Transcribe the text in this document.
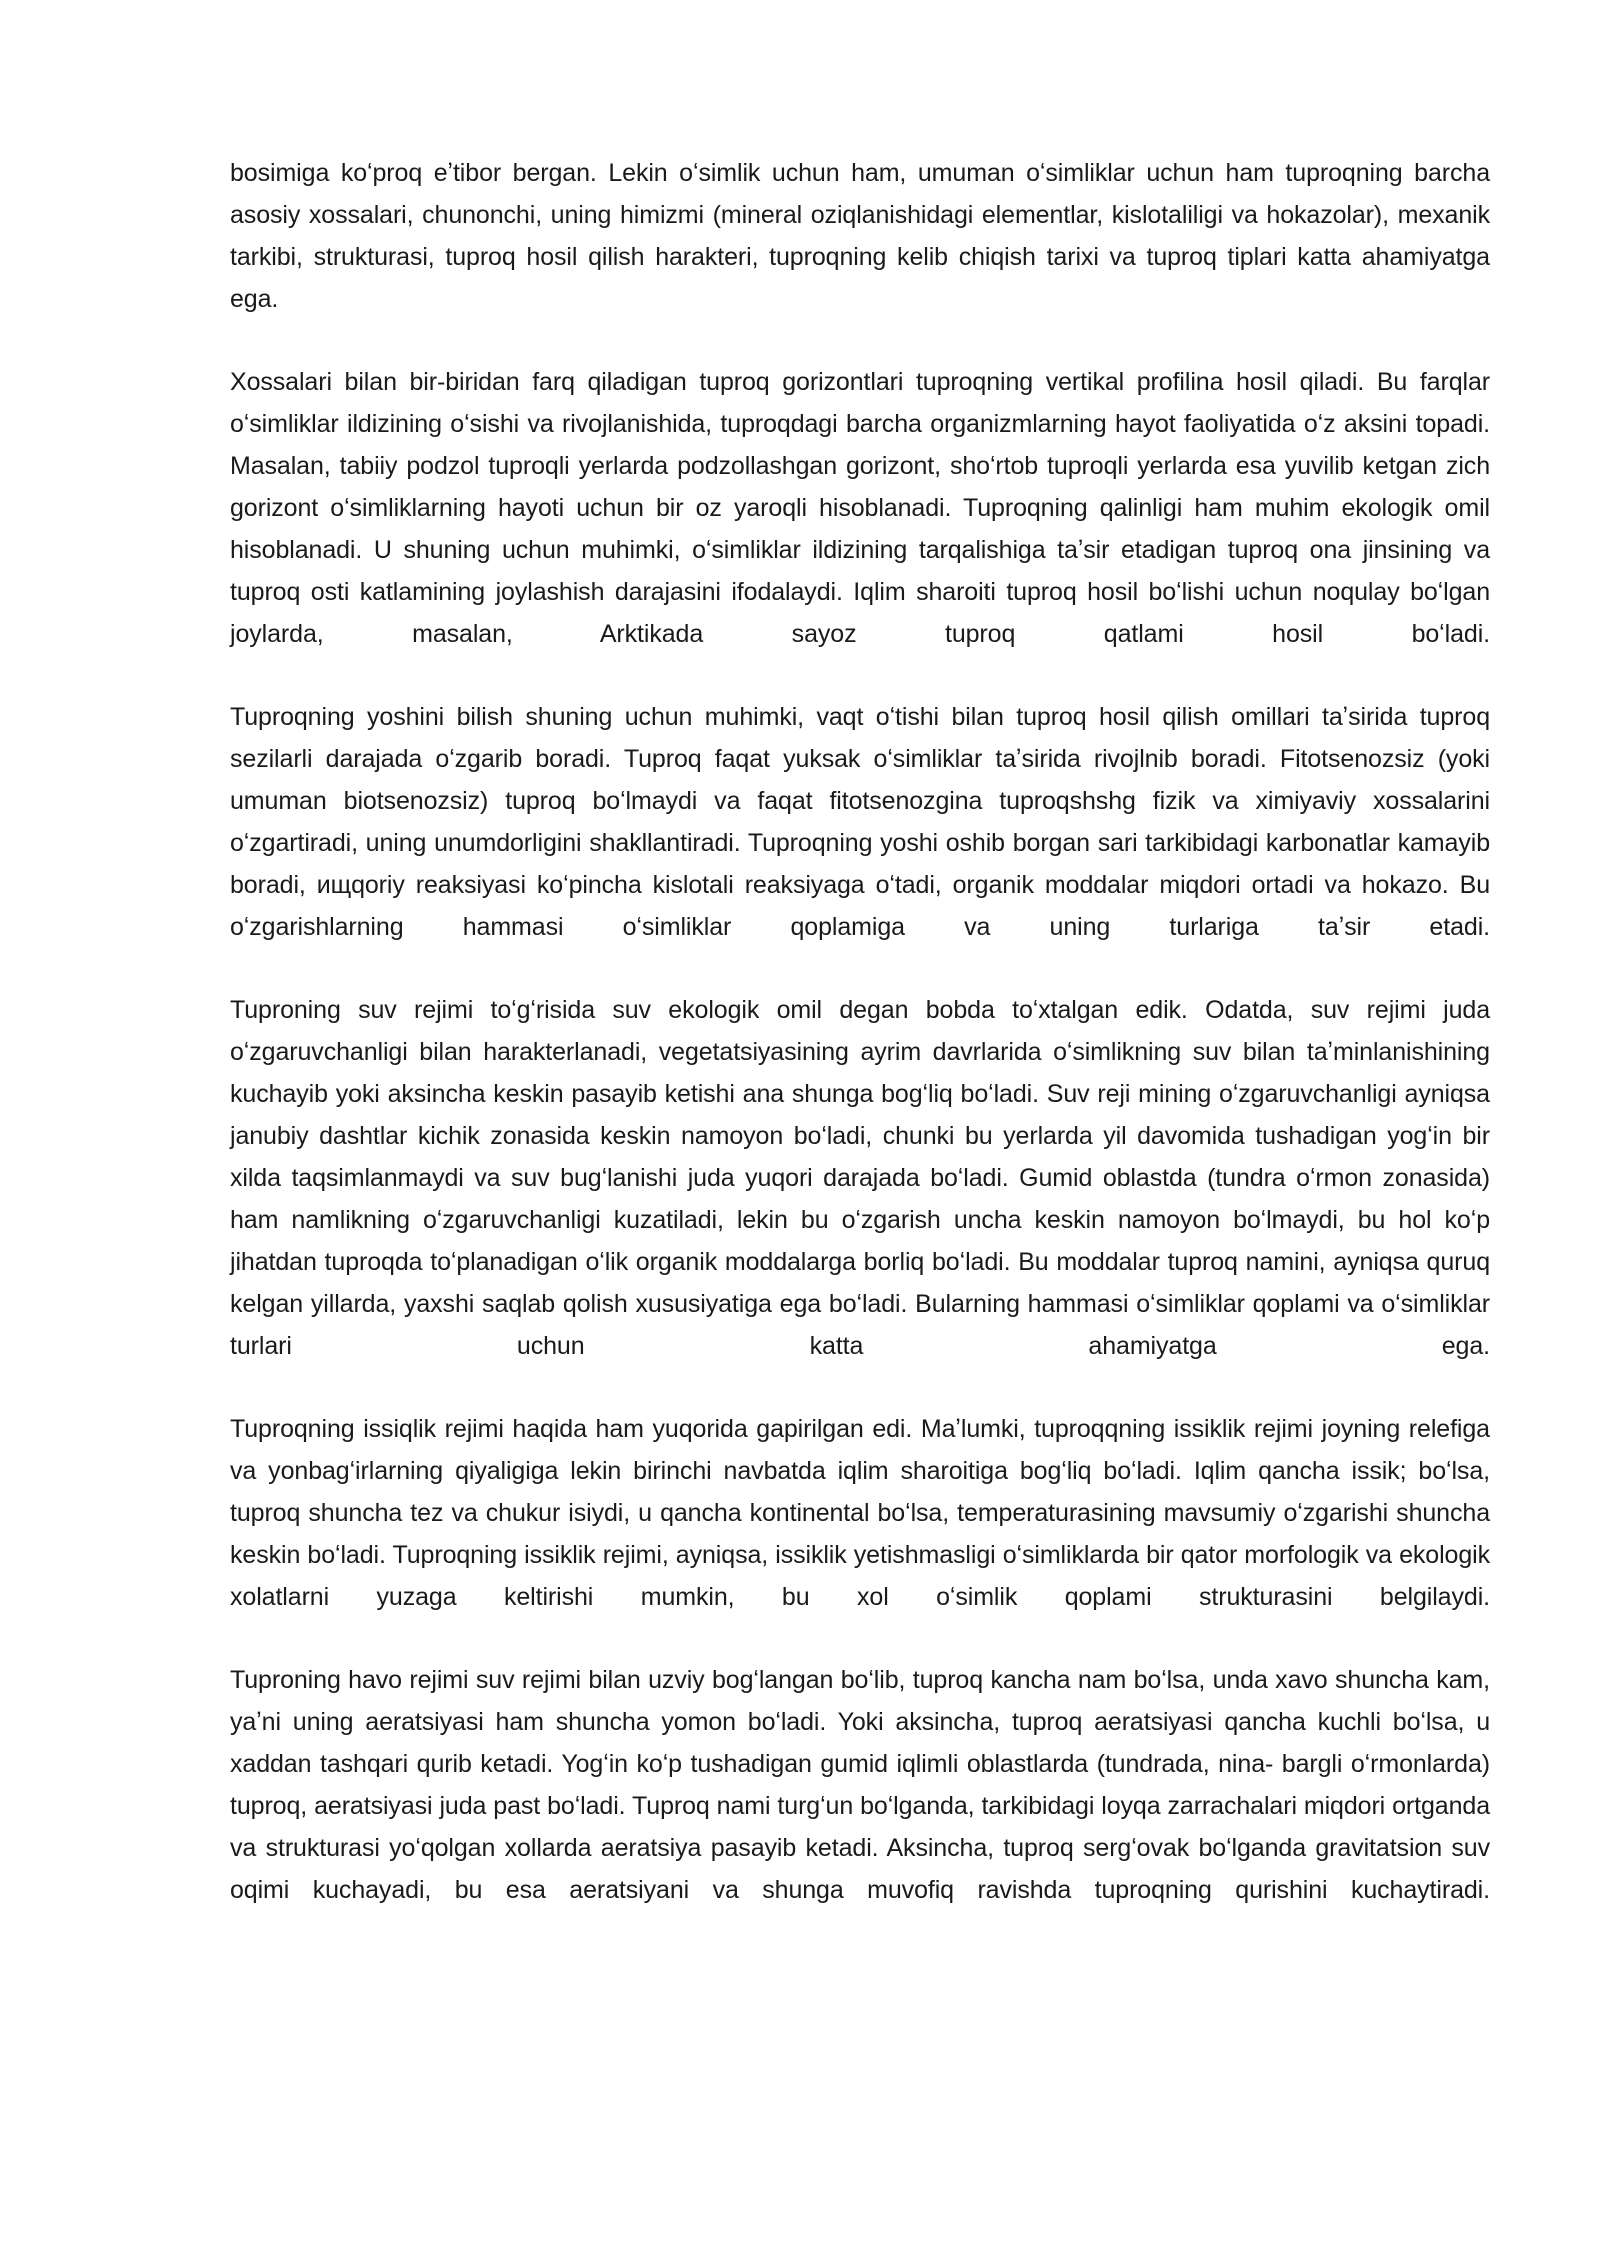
bosimiga koʻproq eʼtibor bergan. Lekin oʻsimlik uchun ham, umuman oʻsimliklar uchun ham tuproqning barcha asosiy xossalari, chunonchi, uning himizmi (mineral oziqlanishidagi elementlar, kislotaliligi va hokazolar), mexanik tarkibi, strukturasi, tuproq hosil qilish harakteri, tuproqning kelib chiqish tarixi va tuproq tiplari katta ahamiyatga ega.

Xossalari bilan bir-biridan farq qiladigan tuproq gorizontlari tuproqning vertikal profilina hosil qiladi. Bu farqlar oʻsimliklar ildizining oʻsishi va rivojlanishida, tuproqdagi barcha organizmlarning hayot faoliyatida oʻz aksini topadi. Masalan, tabiiy podzol tuproqli yerlarda podzollashgan gorizont, shoʻrtob tuproqli yerlarda esa yuvilib ketgan zich gorizont oʻsimliklarning hayoti uchun bir oz yaroqli hisoblanadi. Tuproqning qalinligi ham muhim ekologik omil hisoblanadi. U shuning uchun muhimki, oʻsimliklar ildizining tarqalishiga taʼsir etadigan tuproq ona jinsining va tuproq osti katlamining joylashish darajasini ifodalaydi. Iqlim sharoiti tuproq hosil boʻlishi uchun noqulay boʻlgan joylarda, masalan, Arktikada sayoz tuproq qatlami hosil boʻladi.

Tuproqning yoshini bilish shuning uchun muhimki, vaqt oʻtishi bilan tuproq hosil qilish omillari taʼsirida tuproq sezilarli darajada oʻzgarib boradi. Tuproq faqat yuksak oʻsimliklar taʼsirida rivojlnib boradi. Fitotsenozsiz (yoki umuman biotsenozsiz) tuproq boʻlmaydi va faqat fitotsenozgina tuproqshshg fizik va ximiyaviy xossalarini oʻzgartiradi, uning unumdorligini shakllantiradi. Tuproqning yoshi oshib borgan sari tarkibidagi karbonatlar kamayib boradi, ищqoriy reaksiyasi koʻpincha kislotali reaksiyaga oʻtadi, organik moddalar miqdori ortadi va hokazo. Bu oʻzgarishlarning hammasi oʻsimliklar qoplamiga va uning turlariga taʼsir etadi.

Tuproning suv rejimi toʻgʻrisida suv ekologik omil degan bobda toʻxtalgan edik. Odatda, suv rejimi juda oʻzgaruvchanligi bilan harakterlanadi, vegetatsiyasining ayrim davrlarida oʻsimlikning suv bilan taʼminlanishining kuchayib yoki aksincha keskin pasayib ketishi ana shunga bogʻliq boʻladi. Suv reji mining oʻzgaruvchanligi ayniqsa janubiy dashtlar kichik zonasida keskin namoyon boʻladi, chunki bu yerlarda yil davomida tushadigan yogʻin bir xilda taqsimlanmaydi va suv bugʻlanishi juda yuqori darajada boʻladi. Gumid oblastda (tundra oʻrmon zonasida) ham namlikning oʻzgaruvchanligi kuzatiladi, lekin bu oʻzgarish uncha keskin namoyon boʻlmaydi, bu hol koʻp jihatdan tuproqda toʻplanadigan oʻlik organik moddalarga borliq boʻladi. Bu moddalar tuproq namini, ayniqsa quruq kelgan yillarda, yaxshi saqlab qolish xususiyatiga ega boʻladi. Bularning hammasi oʻsimliklar qoplami va oʻsimliklar turlari uchun katta ahamiyatga ega.

Tuproqning issiqlik rejimi haqida ham yuqorida gapirilgan edi. Maʼlumki, tuproqqning issiklik rejimi joyning relefiga va yonbagʻirlarning qiyaligiga lekin birinchi navbatda iqlim sharoitiga bogʻliq boʻladi. Iqlim qancha issik; boʻlsa, tuproq shuncha tez va chukur isiydi, u qancha kontinental boʻlsa, temperaturasining mavsumiy oʻzgarishi shuncha keskin boʻladi. Tuproqning issiklik rejimi, ayniqsa, issiklik yetishmasligi oʻsimliklarda bir qator morfologik va ekologik xolatlarni yuzaga keltirishi mumkin, bu xol oʻsimlik qoplami strukturasini belgilaydi.

Tuproning havo rejimi suv rejimi bilan uzviy bogʻlangan boʻlib, tuproq kancha nam boʻlsa, unda xavo shuncha kam, yaʼni uning aeratsiyasi ham shuncha yomon boʻladi. Yoki aksincha, tuproq aeratsiyasi qancha kuchli boʻlsa, u xaddan tashqari qurib ketadi. Yogʻin koʻp tushadigan gumid iqlimli oblastlarda (tundrada, nina- bargli oʻrmonlarda) tuproq, aeratsiyasi juda past boʻladi. Tuproq nami turgʻun boʻlganda, tarkibidagi loyqa zarrachalari miqdori ortganda va strukturasi yoʻqolgan xollarda aeratsiya pasayib ketadi. Aksincha, tuproq sergʻovak boʻlganda gravitatsion suv oqimi kuchayadi, bu esa aeratsiyani va shunga muvofiq ravishda tuproqning qurishini kuchaytiradi.
